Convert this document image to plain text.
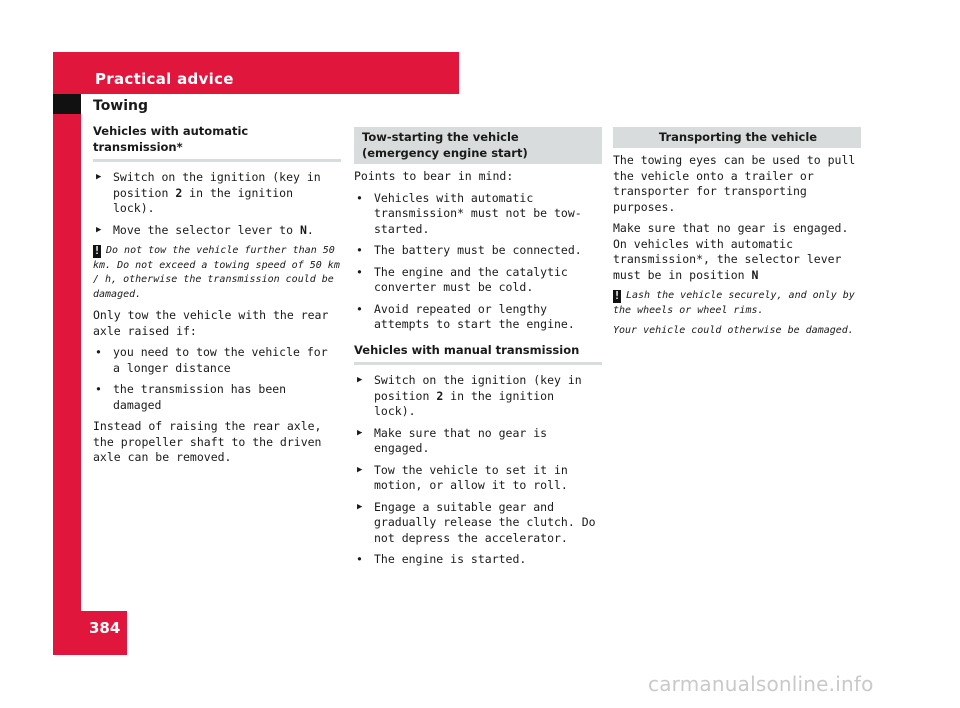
Practical advice
Towing
384
Vehicles with automatic transmission*
▶ Switch on the ignition (key in position 2 in the ignition lock).
▶ Move the selector lever to N.

! Do not tow the vehicle further than 50 km. Do not exceed a towing speed of 50 km / h, otherwise the transmission could be damaged.

Only tow the vehicle with the rear axle raised if:

• you need to tow the vehicle for a longer distance
• the transmission has been damaged

Instead of raising the rear axle, the propeller shaft to the driven axle can be removed.

Tow-starting the vehicle (emergency engine start)

Points to bear in mind:

• Vehicles with automatic transmission* must not be tow-started.
• The battery must be connected.
• The engine and the catalytic converter must be cold.
• Avoid repeated or lengthy attempts to start the engine.
Vehicles with manual transmission
▶ Switch on the ignition (key in position 2 in the ignition lock).
▶ Make sure that no gear is engaged.
▶ Tow the vehicle to set it in motion, or allow it to roll.
▶ Engage a suitable gear and gradually release the clutch. Do not depress the accelerator.
• The engine is started.
Transporting the vehicle

The towing eyes can be used to pull the vehicle onto a trailer or transporter for transporting purposes.

Make sure that no gear is engaged. On vehicles with automatic transmission*, the selector lever must be in position N

! Lash the vehicle securely, and only by the wheels or wheel rims.

Your vehicle could otherwise be damaged.

carmanualsonline.info
